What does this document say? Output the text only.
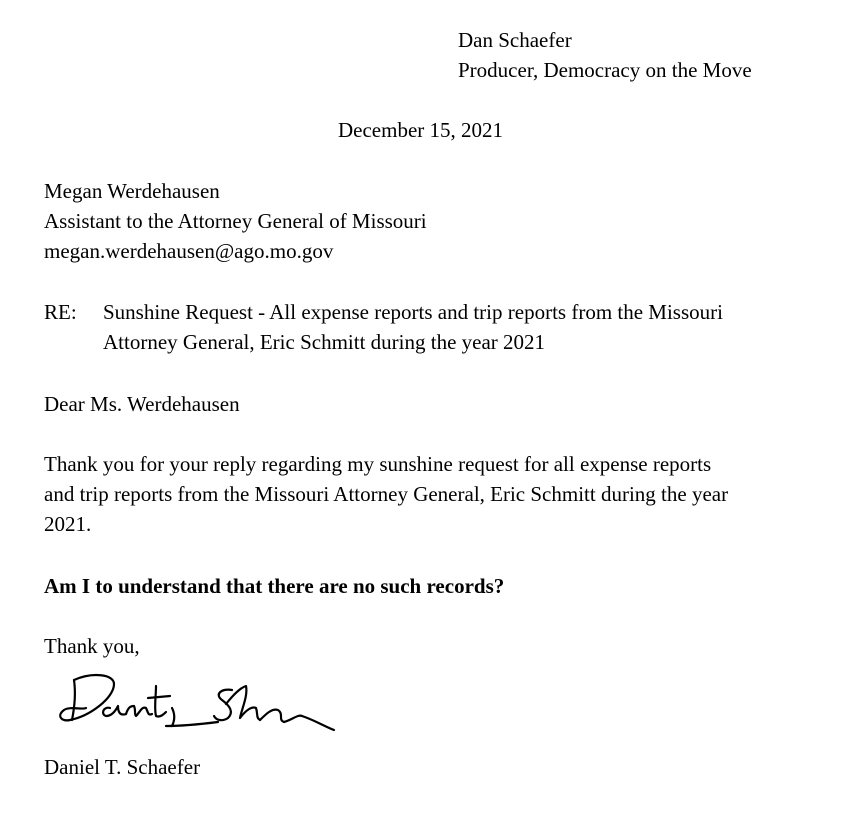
Dan Schaefer
Producer, Democracy on the Move
December 15, 2021
Megan Werdehausen
Assistant to the Attorney General of Missouri
megan.werdehausen@ago.mo.gov
RE: Sunshine Request - All expense reports and trip reports from the Missouri
Attorney General, Eric Schmitt during the year 2021
Dear Ms. Werdehausen
Thank you for your reply regarding my sunshine request for all expense reports
and trip reports from the Missouri Attorney General, Eric Schmitt during the year
2021.
Am I to understand that there are no such records?
Thank you,
Daniel T. Schaefer
